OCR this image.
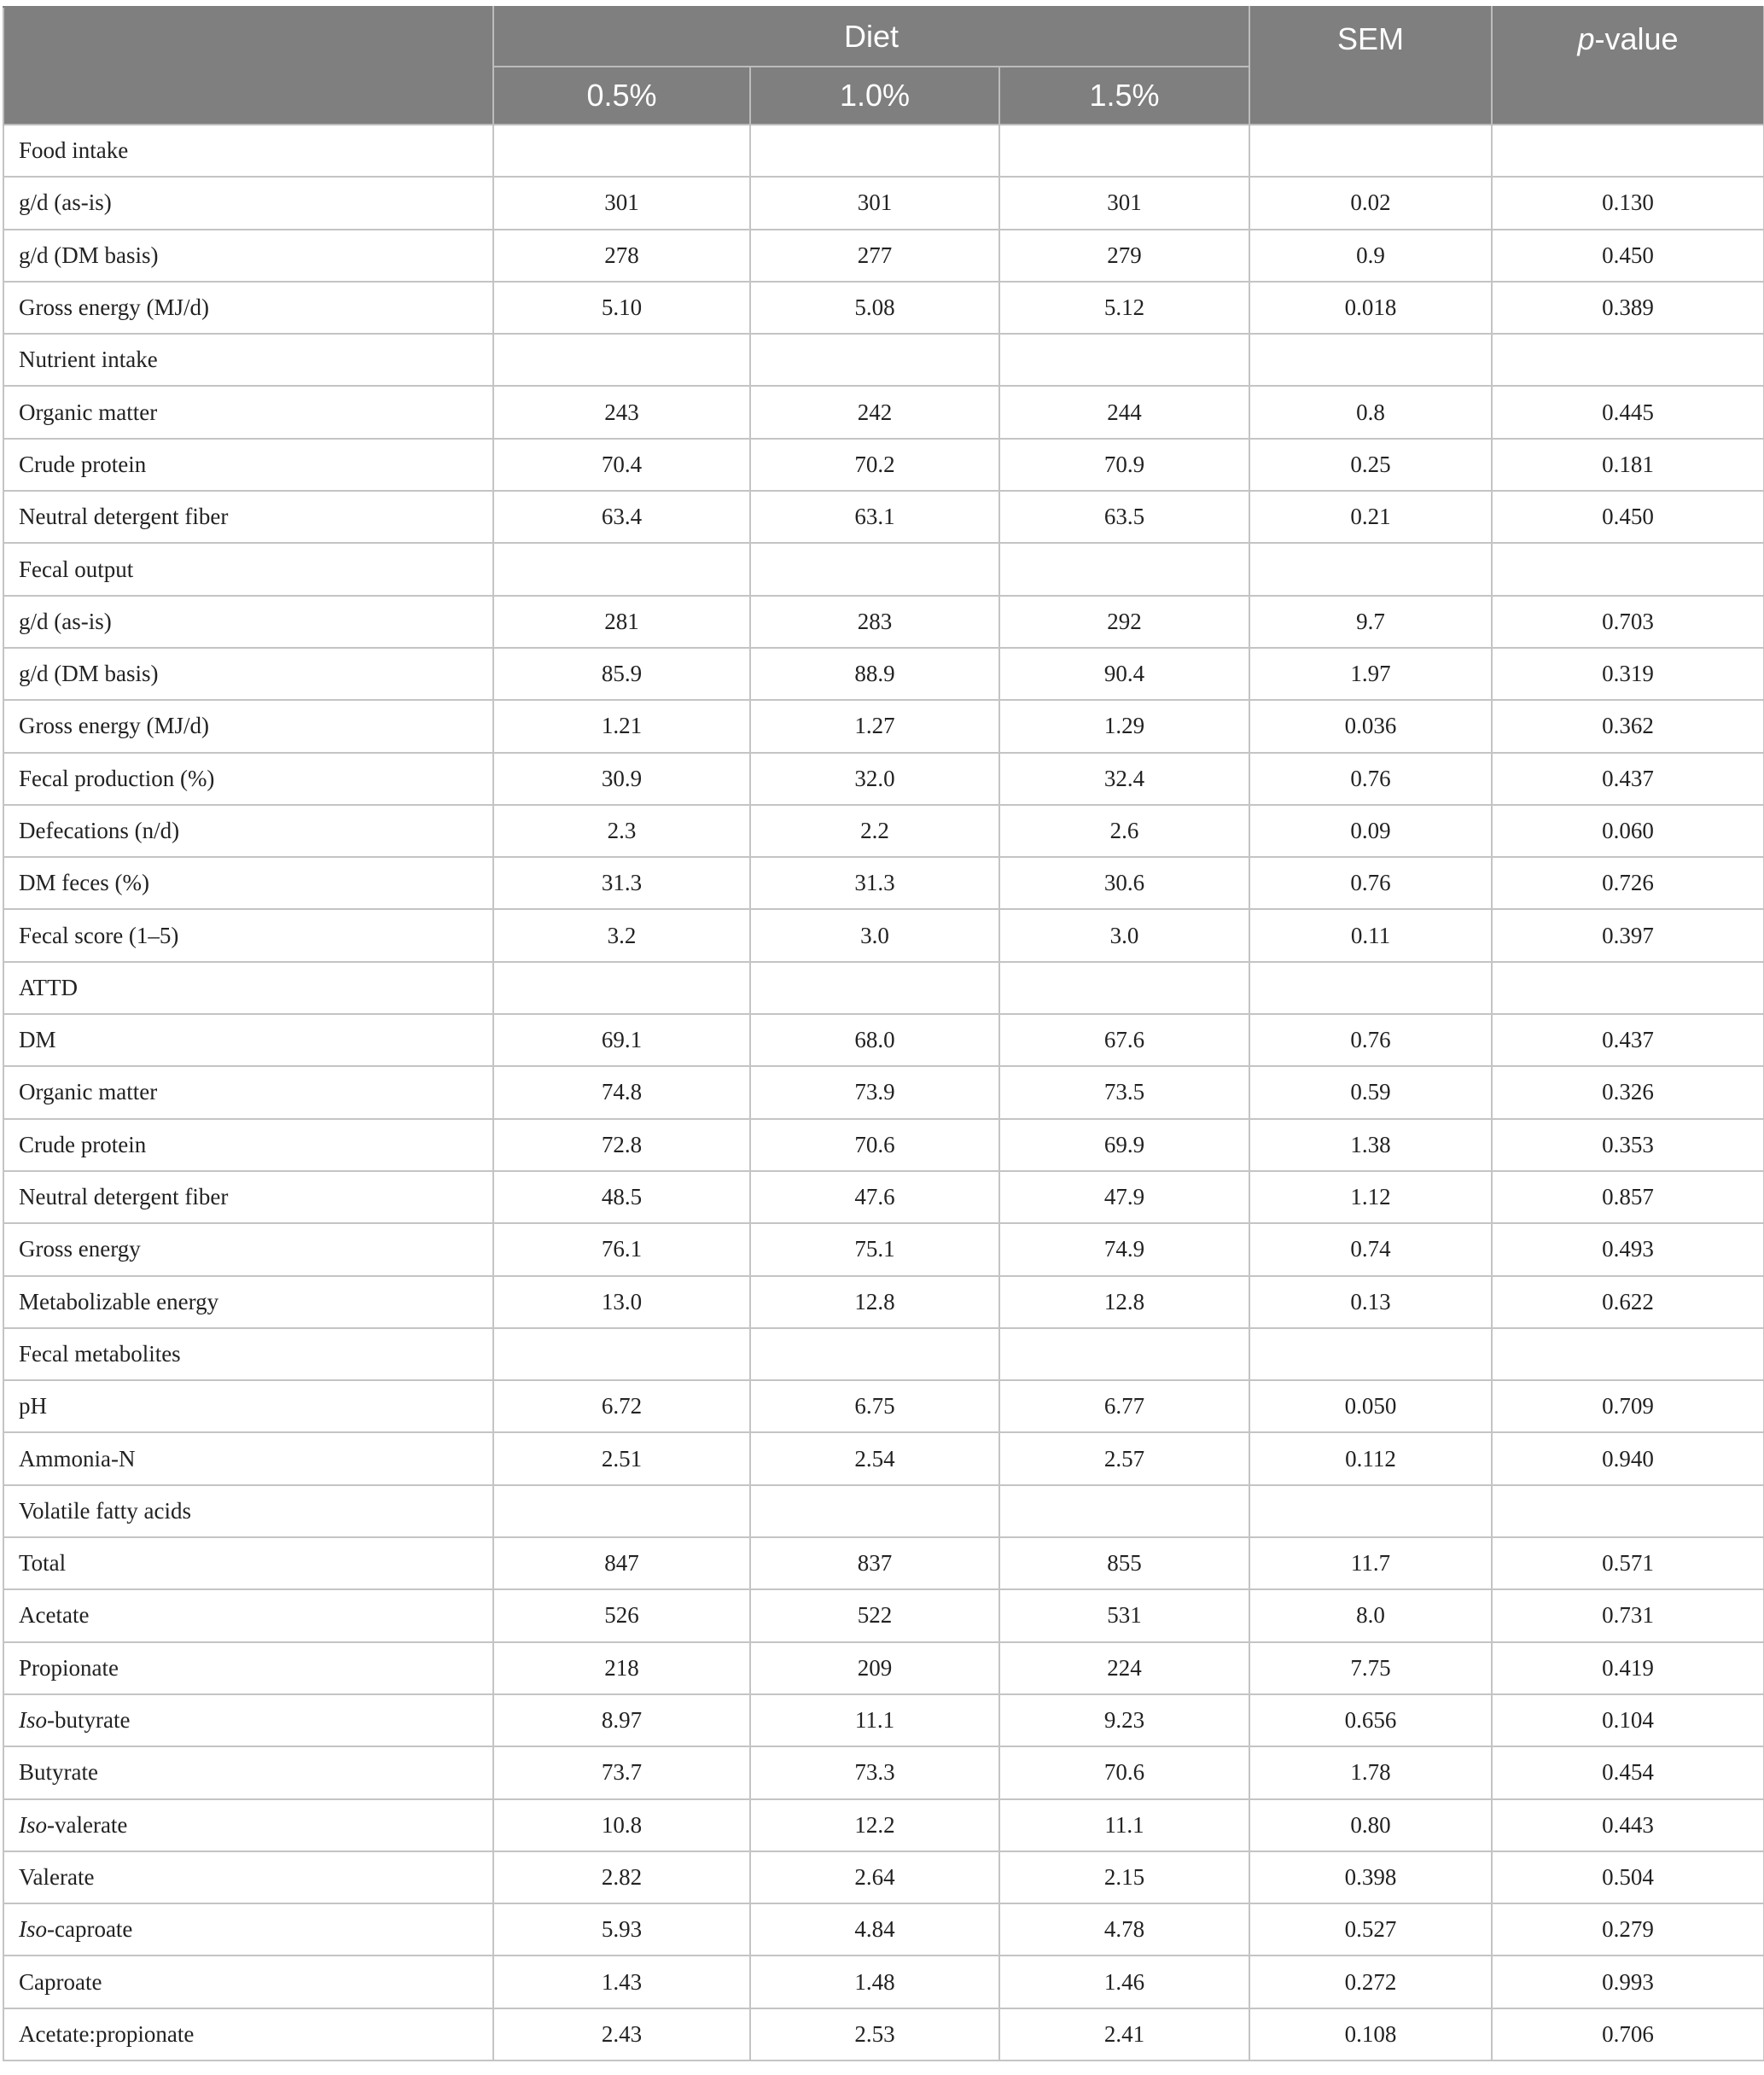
	Diet			SEM	p-value
	0.5%	1.0%	1.5%		
Food intake					
g/d (as-is)	301	301	301	0.02	0.130
g/d (DM basis)	278	277	279	0.9	0.450
Gross energy (MJ/d)	5.10	5.08	5.12	0.018	0.389
Nutrient intake					
Organic matter	243	242	244	0.8	0.445
Crude protein	70.4	70.2	70.9	0.25	0.181
Neutral detergent fiber	63.4	63.1	63.5	0.21	0.450
Fecal output					
g/d (as-is)	281	283	292	9.7	0.703
g/d (DM basis)	85.9	88.9	90.4	1.97	0.319
Gross energy (MJ/d)	1.21	1.27	1.29	0.036	0.362
Fecal production (%)	30.9	32.0	32.4	0.76	0.437
Defecations (n/d)	2.3	2.2	2.6	0.09	0.060
DM feces (%)	31.3	31.3	30.6	0.76	0.726
Fecal score (1–5)	3.2	3.0	3.0	0.11	0.397
ATTD					
DM	69.1	68.0	67.6	0.76	0.437
Organic matter	74.8	73.9	73.5	0.59	0.326
Crude protein	72.8	70.6	69.9	1.38	0.353
Neutral detergent fiber	48.5	47.6	47.9	1.12	0.857
Gross energy	76.1	75.1	74.9	0.74	0.493
Metabolizable energy	13.0	12.8	12.8	0.13	0.622
Fecal metabolites					
pH	6.72	6.75	6.77	0.050	0.709
Ammonia-N	2.51	2.54	2.57	0.112	0.940
Volatile fatty acids					
Total	847	837	855	11.7	0.571
Acetate	526	522	531	8.0	0.731
Propionate	218	209	224	7.75	0.419
Iso-butyrate	8.97	11.1	9.23	0.656	0.104
Butyrate	73.7	73.3	70.6	1.78	0.454
Iso-valerate	10.8	12.2	11.1	0.80	0.443
Valerate	2.82	2.64	2.15	0.398	0.504
Iso-caproate	5.93	4.84	4.78	0.527	0.279
Caproate	1.43	1.48	1.46	0.272	0.993
Acetate:propionate	2.43	2.53	2.41	0.108	0.706
